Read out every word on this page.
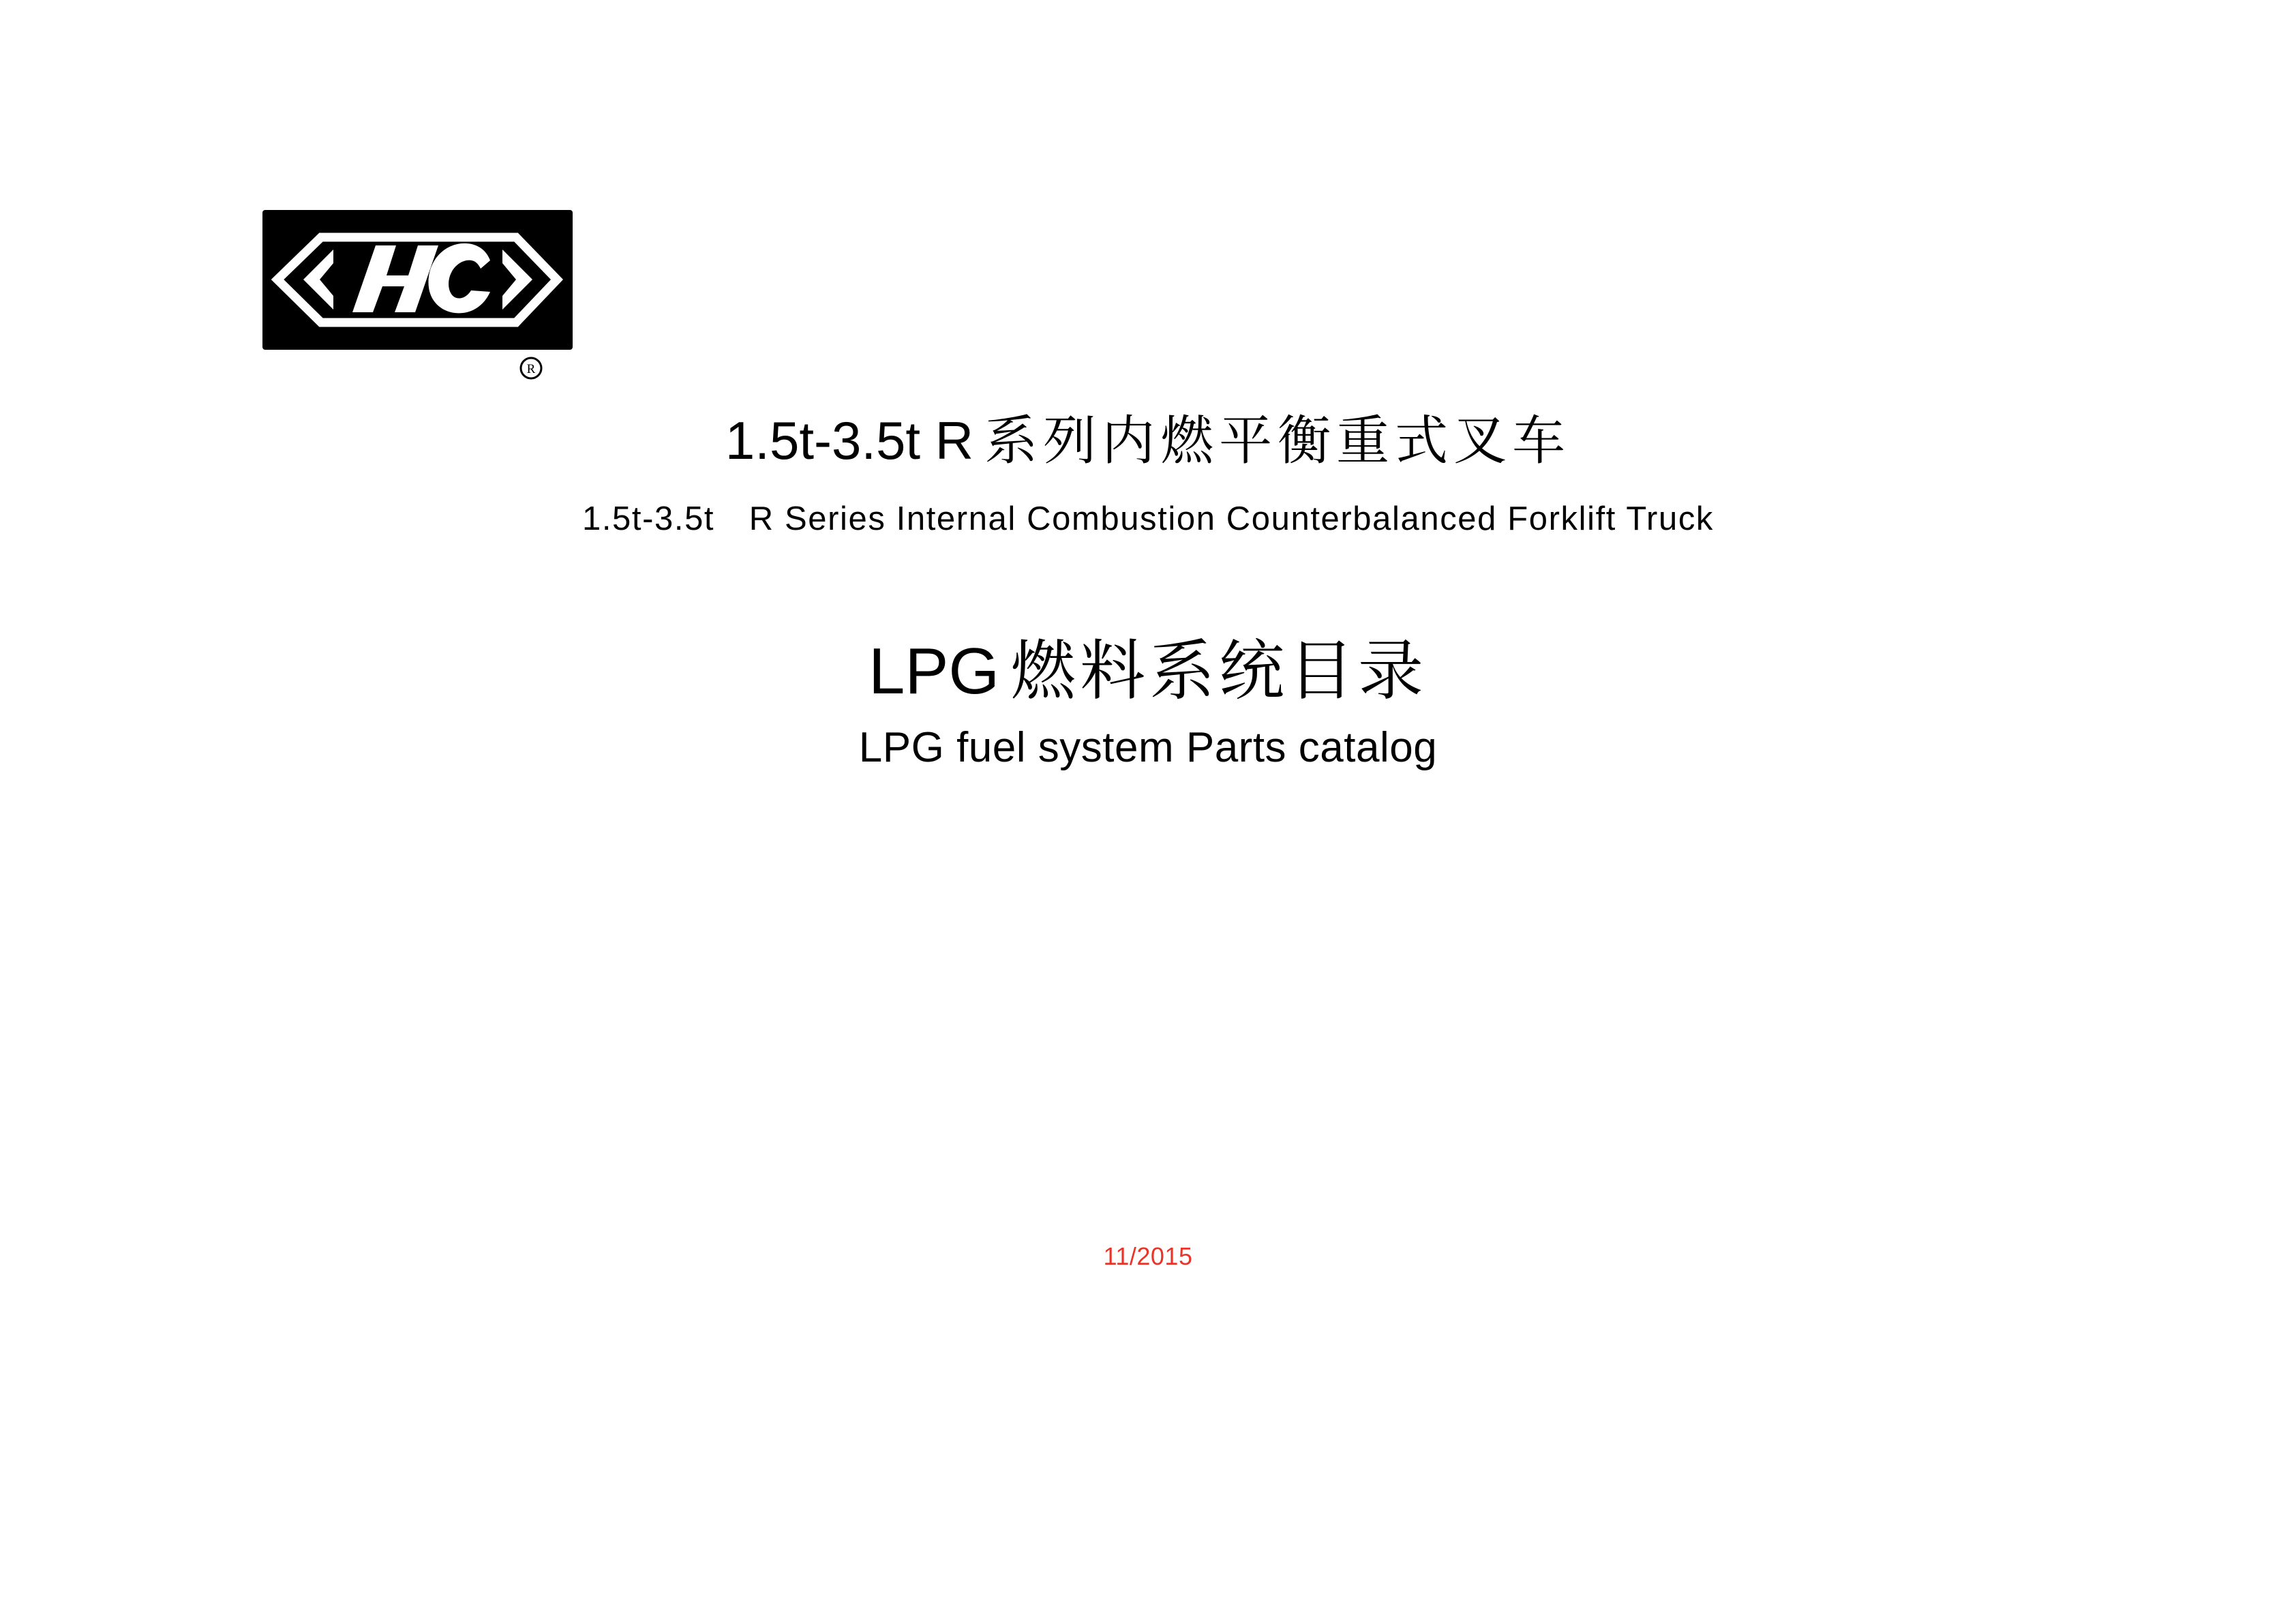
R
1.5t-3.5t R 系列内燃平衡重式叉车
1.5t-3.5t R Series Internal Combustion Counterbalanced Forklift Truck
LPG 燃料系统目录
LPG fuel system Parts catalog
11/2015
